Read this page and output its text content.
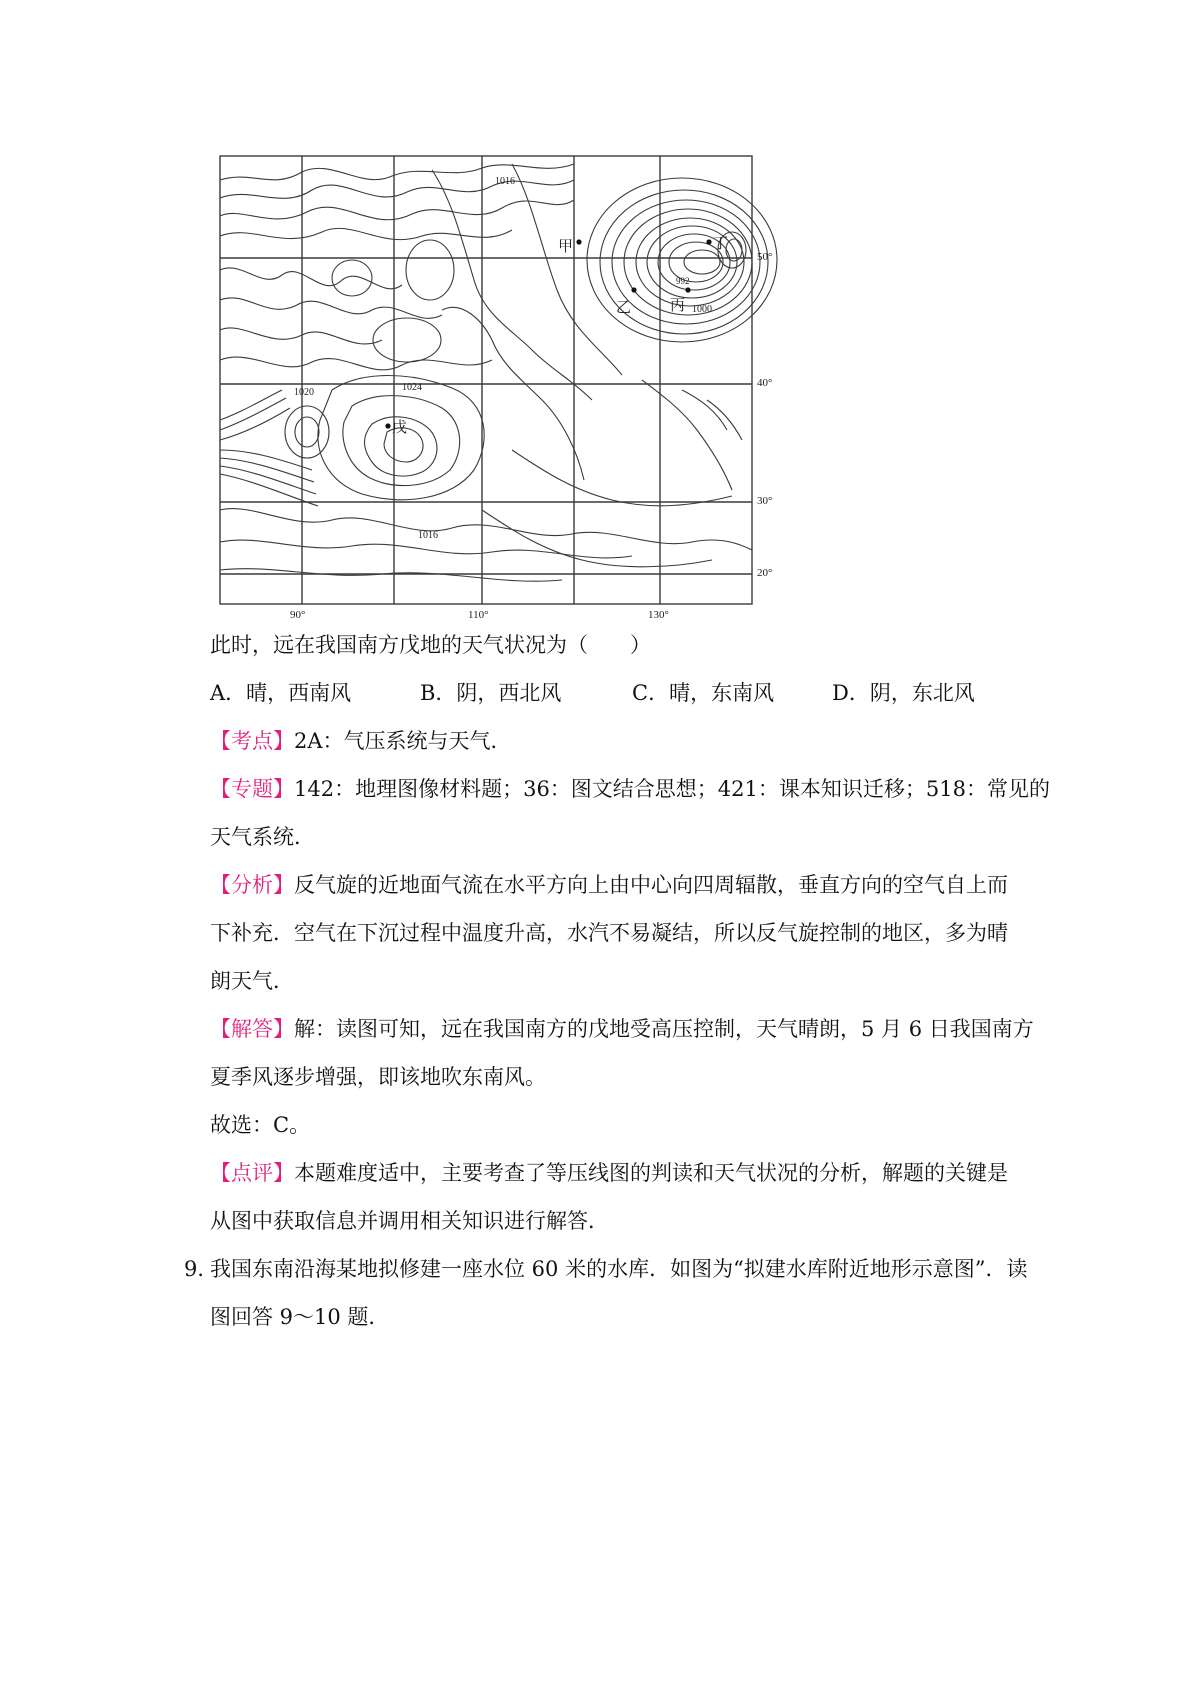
1016
1020	1024
1016
992
1000
甲	丁
乙	丙
戊
50°
40°
30°
20°
90°	110°	130°
此时，远在我国南方戊地的天气状况为（　　）
A．晴，西南风	B．阴，西北风	C．晴，东南风	D．阴，东北风
【考点】2A：气压系统与天气．
【专题】142：地理图像材料题；36：图文结合思想；421：课本知识迁移；518：常见的
天气系统．
【分析】反气旋的近地面气流在水平方向上由中心向四周辐散，垂直方向的空气自上而
下补充．空气在下沉过程中温度升高，水汽不易凝结，所以反气旋控制的地区，多为晴
朗天气．
【解答】解：读图可知，远在我国南方的戊地受高压控制，天气晴朗，5 月 6 日我国南方
夏季风逐步增强，即该地吹东南风。
故选：C。
【点评】本题难度适中，主要考查了等压线图的判读和天气状况的分析，解题的关键是
从图中获取信息并调用相关知识进行解答．
9．
我国东南沿海某地拟修建一座水位 60 米的水库．如图为“拟建水库附近地形示意图”．读
图回答 9～10 题．
